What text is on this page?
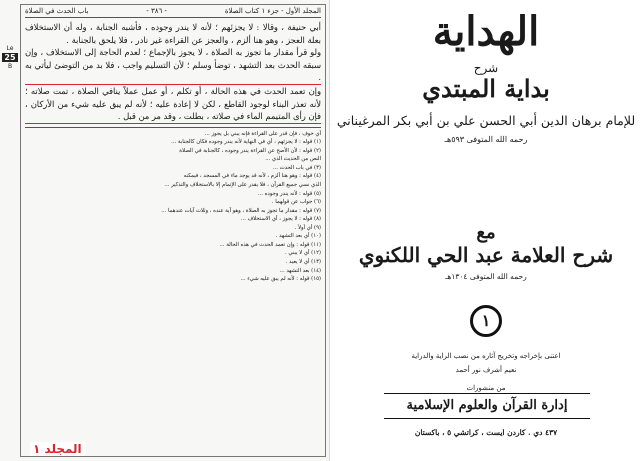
Le
25
B
المجلد الأول - جزء ١ كتاب الصلاة
- ٣٨٦ -
باب الحدث في الصلاة

أبي حنيفة ، وقالا : لا يجزئهم ؛ لأنه لا يندر وجوده ، فأشبه الجنابة ، وله أن الاستخلاف بعلة العجز ، وهو هنا ألزم ، والعجز عن القراءة غير نادر ، فلا يلحق بالجنابة .

ولو قرأ مقدار ما تجوز به الصلاة ، لا يجوز بالإجماع ؛ لعدم الحاجة إلى الاستخلاف ، وإن سبقه الحدث بعد التشهد ، توضأ وسلم ؛ لأن التسليم واجب ، فلا بد من التوضئ ليأتي به .

وإن تعمد الحدث في هذه الحالة ، أو تكلم ، أو عمل عملاً ينافي الصلاة ، تمت صلاته ؛ لأنه تعذر البناء لوجود القاطع ، لكن لا إعادة عليه ؛ لأنه لم يبق عليه شيء من الأركان ، فإن رأى المتيمم الماء في صلاته ، بطلت ، وقد مر من قبل .

أي خوف ، فإن قدر على القراءة فإنه يبني بل يجوز ...
(١) قوله : لا يجزئهم ، أي في النهاية لأنه يندر وجوده فكان كالجنابة ...
(٢) قوله : لأن الأصح عن القراءة يندر وجوده ، كالجنابة في الصلاة
النص من الحديث الذي ...
(٣) في باب الحدث ...
(٤) قوله : وهو هنا ألزم ، لأنه قد يوجد ماء في المسجد ، فيمكنه
الذي نسي جميع القرآن ، فلا يقدر على الإتمام إلا بالاستخلاف والتذكير ...
(٥) قوله : لأنه يندر وجوده ...
(٦) جواب عن قولهما .
(٧) قوله : مقدار ما تجوز به الصلاة ، وهو آية عنده ، وثلاث آيات عندهما ...
(٨) قوله : لا يجوز ، أي الاستخلاف ...
(٩) أي أولاً .
(١٠) أي بعد التشهد .
(١١) قوله : وإن تعمد الحدث في هذه الحالة ...
(١٢) أي لا يبني .
(١٣) أي لا يعيد .
(١٤) بعد التشهد ...
(١٥) قوله : لأنه لم يبق عليه شيء ...
المجلد ١
الهداية
شرح
بداية المبتدي
للإمام برهان الدين أبي الحسن علي بن أبي بكر المرغيناني
رحمه الله المتوفى ٥٩٣هـ
مع
شرح العلامة عبد الحي اللكنوي
رحمه الله المتوفى ١٣٠٤هـ
١
اعتنى بإخراجه وتخريج آثاره من نصب الراية والدراية
نعيم أشرف نور أحمد
من منشورات
إدارة القرآن والعلوم الإسلامية
٤٣٧ دي . كاردن ايست ، كراتشي ٥ ، باكستان
